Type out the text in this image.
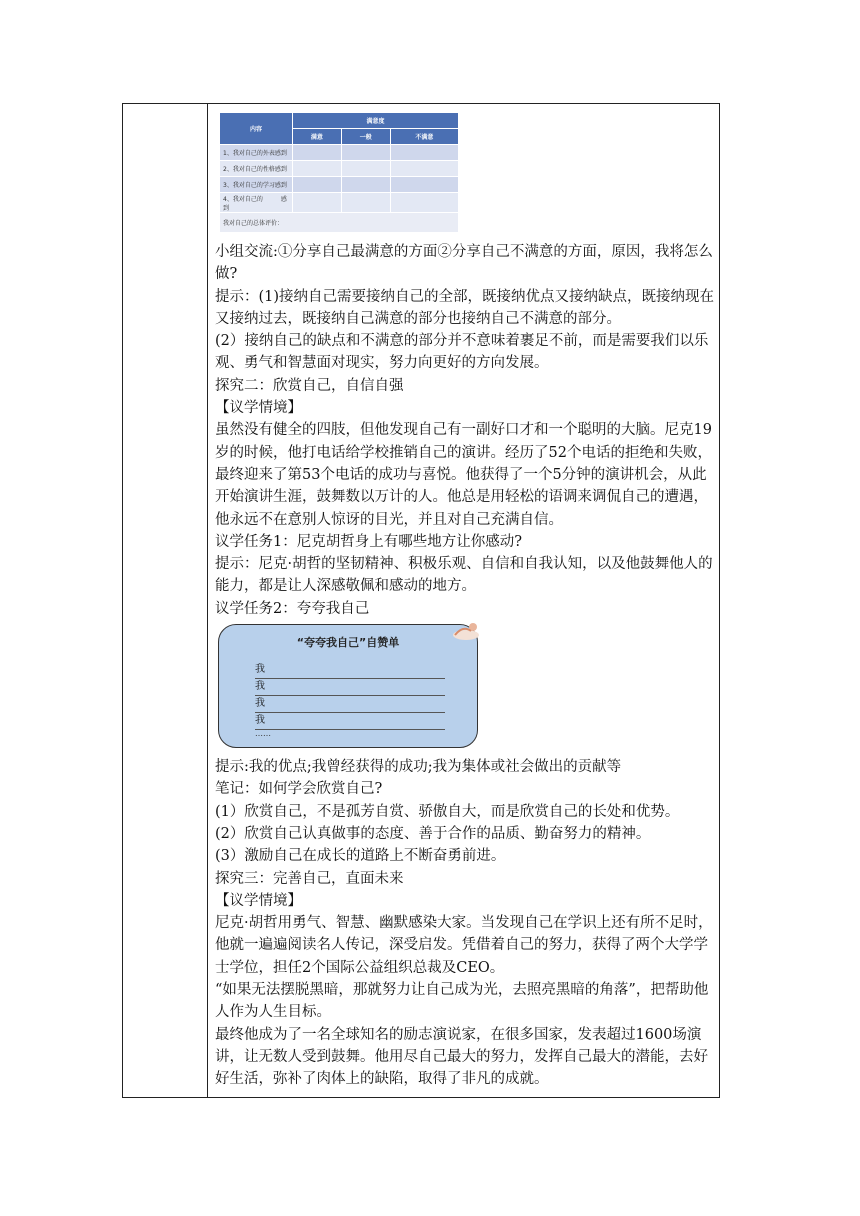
内容	满意度		
	满意	一般	不满意
1、我对自己的外表感到			
2、我对自己的性格感到			
3、我对自己的学习感到			
4、我对自己的　　　感到			
我对自己的总体评价：			

小组交流:①分享自己最满意的方面②分享自己不满意的方面，原因，我将怎么做?

提示：(1)接纳自己需要接纳自己的全部，既接纳优点又接纳缺点，既接纳现在又接纳过去，既接纳自己满意的部分也接纳自己不满意的部分。

(2）接纳自己的缺点和不满意的部分并不意味着裹足不前，而是需要我们以乐观、勇气和智慧面对现实，努力向更好的方向发展。

探究二：欣赏自己，自信自强

【议学情境】

虽然没有健全的四肢，但他发现自己有一副好口才和一个聪明的大脑。尼克19岁的时候，他打电话给学校推销自己的演讲。经历了52个电话的拒绝和失败，最终迎来了第53个电话的成功与喜悦。他获得了一个5分钟的演讲机会，从此开始演讲生涯，鼓舞数以万计的人。他总是用轻松的语调来调侃自己的遭遇，他永远不在意别人惊讶的目光，并且对自己充满自信。

议学任务1：尼克胡哲身上有哪些地方让你感动?

提示：尼克·胡哲的坚韧精神、积极乐观、自信和自我认知，以及他鼓舞他人的能力，都是让人深感敬佩和感动的地方。

议学任务2：夸夸我自己

“夸夸我自己”自赞单
我
我
我
我
……

提示:我的优点;我曾经获得的成功;我为集体或社会做出的贡献等

笔记：如何学会欣赏自己?

(1）欣赏自己，不是孤芳自赏、骄傲自大，而是欣赏自己的长处和优势。

(2）欣赏自己认真做事的态度、善于合作的品质、勤奋努力的精神。

(3）激励自己在成长的道路上不断奋勇前进。

探究三：完善自己，直面未来

【议学情境】

尼克·胡哲用勇气、智慧、幽默感染大家。当发现自己在学识上还有所不足时，他就一遍遍阅读名人传记，深受启发。凭借着自己的努力，获得了两个大学学士学位，担任2个国际公益组织总裁及CEO。

“如果无法摆脱黑暗，那就努力让自己成为光，去照亮黑暗的角落”，把帮助他人作为人生目标。

最终他成为了一名全球知名的励志演说家，在很多国家，发表超过1600场演讲，让无数人受到鼓舞。他用尽自己最大的努力，发挥自己最大的潜能，去好好生活，弥补了肉体上的缺陷，取得了非凡的成就。
